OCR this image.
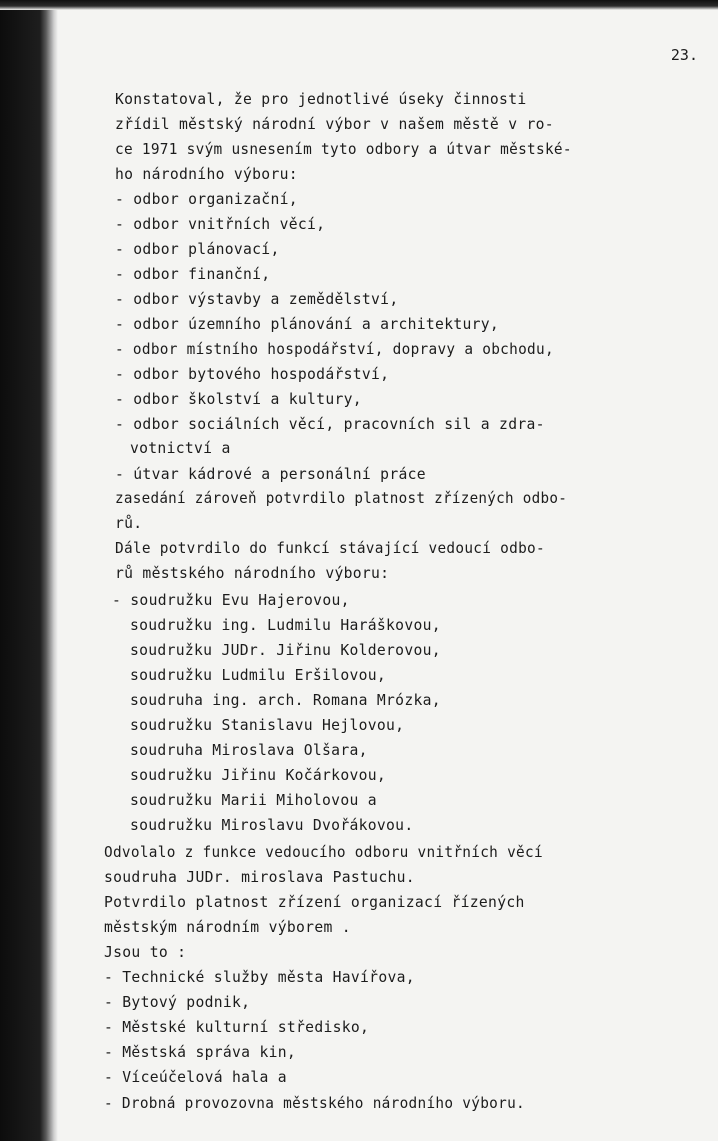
23.
Konstatoval, že pro jednotlivé úseky činnosti
zřídil městský národní výbor v našem městě v ro-
ce 1971 svým usnesením tyto odbory a útvar městské-
ho národního výboru:
- odbor organizační,
- odbor vnitřních věcí,
- odbor plánovací,
- odbor finanční,
- odbor výstavby a zemědělství,
- odbor územního plánování a architektury,
- odbor místního hospodářství, dopravy a obchodu,
- odbor bytového hospodářství,
- odbor školství a kultury,
- odbor sociálních věcí, pracovních sil a zdra-
votnictví a
- útvar kádrové a personální práce
zasedání zároveň potvrdilo platnost zřízených odbo-
rů.
Dále potvrdilo do funkcí stávající vedoucí odbo-
rů městského národního výboru:
- soudružku Evu Hajerovou,
soudružku ing. Ludmilu Haráškovou,
soudružku JUDr. Jiřinu Kolderovou,
soudružku Ludmilu Eršilovou,
soudruha ing. arch. Romana Mrózka,
soudružku Stanislavu Hejlovou,
soudruha Miroslava Olšara,
soudružku Jiřinu Kočárkovou,
soudružku Marii Miholovou a
soudružku Miroslavu Dvořákovou.
Odvolalo z funkce vedoucího odboru vnitřních věcí
soudruha JUDr. miroslava Pastuchu.
Potvrdilo platnost zřízení organizací řízených
městským národním výborem .
Jsou to :
- Technické služby města Havířova,
- Bytový podnik,
- Městské kulturní středisko,
- Městská správa kin,
- Víceúčelová hala a
- Drobná provozovna městského národního výboru.
